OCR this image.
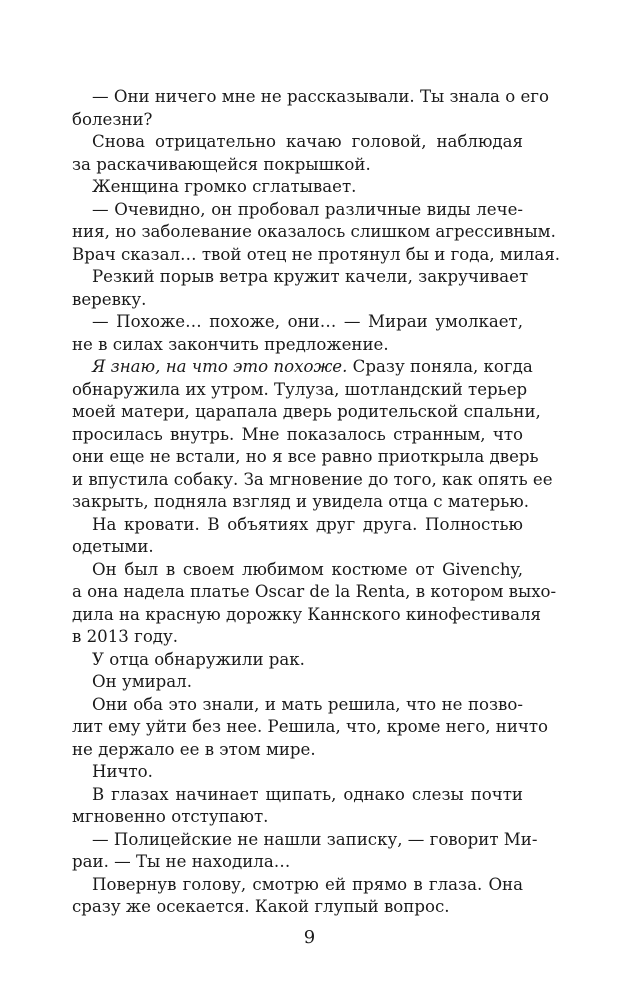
— Они ничего мне не рассказывали. Ты знала о его
болезни?
Снова отрицательно качаю головой, наблюдая
за раскачивающейся покрышкой.
Женщина громко сглатывает.
— Очевидно, он пробовал различные виды лече-
ния, но заболевание оказалось слишком агрессивным.
Врач сказал… твой отец не протянул бы и года, милая.
Резкий порыв ветра кружит качели, закручивает
веревку.
— Похоже… похоже, они… — Мираи умолкает,
не в силах закончить предложение.
Я знаю, на что это похоже. Сразу поняла, когда
обнаружила их утром. Тулуза, шотландский терьер
моей матери, царапала дверь родительской спальни,
просилась внутрь. Мне показалось странным, что
они еще не встали, но я все равно приоткрыла дверь
и впустила собаку. За мгновение до того, как опять ее
закрыть, подняла взгляд и увидела отца с матерью.
На кровати. В объятиях друг друга. Полностью
одетыми.
Он был в своем любимом костюме от Givenchy,
а она надела платье Oscar de la Renta, в котором выхо-
дила на красную дорожку Каннского кинофестиваля
в 2013 году.
У отца обнаружили рак.
Он умирал.
Они оба это знали, и мать решила, что не позво-
лит ему уйти без нее. Решила, что, кроме него, ничто
не держало ее в этом мире.
Ничто.
В глазах начинает щипать, однако слезы почти
мгновенно отступают.
— Полицейские не нашли записку, — говорит Ми-
раи. — Ты не находила…
Повернув голову, смотрю ей прямо в глаза. Она
сразу же осекается. Какой глупый вопрос.
9
